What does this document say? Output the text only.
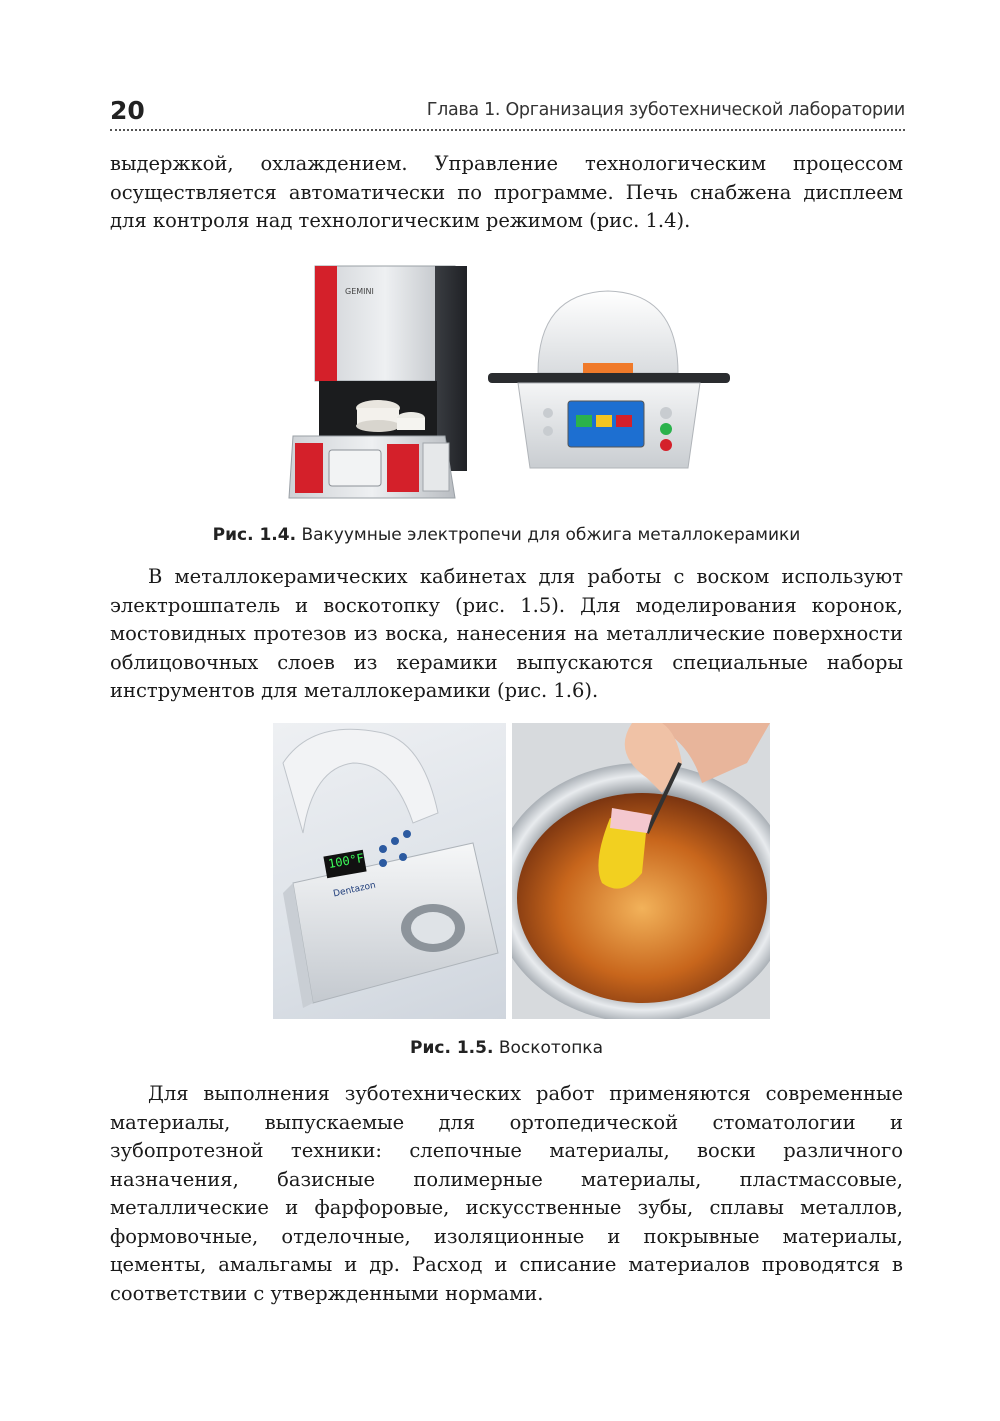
20	Глава 1. Организация зуботехнической лаборатории

выдержкой, охлаждением. Управление технологическим процессом осуществляется автоматически по программе. Печь снабжена дисплеем для контроля над технологическим режимом (рис. 1.4).

GEMINI
Рис. 1.4. Вакуумные электропечи для обжига металлокерамики

В металлокерамических кабинетах для работы с воском используют электрошпатель и воскотопку (рис. 1.5). Для моделирования коронок, мостовидных протезов из воска, нанесения на металлические поверхности облицовочных слоев из керамики выпускаются специальные наборы инструментов для металлокерамики (рис. 1.6).

100°F
Dentazon
Рис. 1.5. Воскотопка

Для выполнения зуботехнических работ применяются современные материалы, выпускаемые для ортопедической стоматологии и зубопротезной техники: слепочные материалы, воски различного назначения, базисные полимерные материалы, пластмассовые, металлические и фарфоровые, искусственные зубы, сплавы металлов, формовочные, отделочные, изоляционные и покрывные материалы, цементы, амальгамы и др. Расход и списание материалов проводятся в соответствии с утвержденными нормами.
